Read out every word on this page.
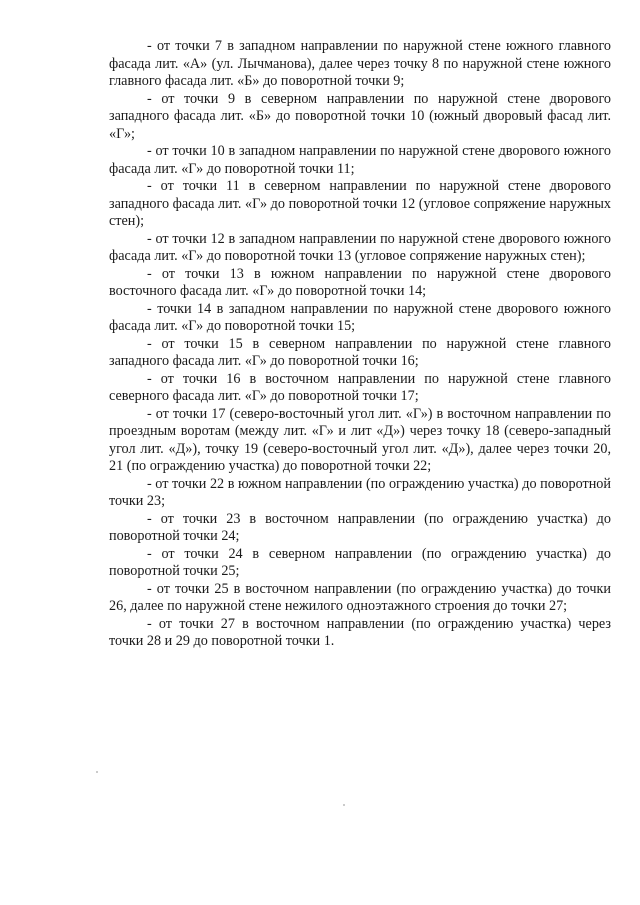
- от точки 7 в западном направлении по наружной стене южного главного фасада лит. «А» (ул. Лычманова), далее через точку 8 по наружной стене южного главного фасада лит. «Б» до поворотной точки 9;

- от точки 9 в северном направлении по наружной стене дворового западного фасада лит. «Б» до поворотной точки 10 (южный дворовый фасад лит. «Г»;

- от точки 10 в западном направлении по наружной стене дворового южного фасада лит. «Г» до поворотной точки 11;

- от точки 11 в северном направлении по наружной стене дворового западного фасада лит. «Г» до поворотной точки 12 (угловое сопряжение наружных стен);

- от точки 12 в западном направлении по наружной стене дворового южного фасада лит. «Г» до поворотной точки 13 (угловое сопряжение наружных стен);

- от точки 13 в южном направлении по наружной стене дворового восточного фасада лит. «Г» до поворотной точки 14;

- точки 14 в западном направлении по наружной стене дворового южного фасада лит. «Г» до поворотной точки 15;

- от точки 15 в северном направлении по наружной стене главного западного фасада лит. «Г» до поворотной точки 16;

- от точки 16 в восточном направлении по наружной стене главного северного фасада лит. «Г» до поворотной точки 17;

- от точки 17 (северо-восточный угол лит. «Г») в восточном направлении по проездным воротам (между лит. «Г» и лит «Д») через точку 18 (северо-западный угол лит. «Д»), точку 19 (северо-восточный угол лит. «Д»), далее через точки 20, 21 (по ограждению участка) до поворотной точки 22;

- от точки 22 в южном направлении (по ограждению участка) до поворотной точки 23;

- от точки 23 в восточном направлении (по ограждению участка) до поворотной точки 24;

- от точки 24 в северном направлении (по ограждению участка) до поворотной точки 25;

- от точки 25 в восточном направлении (по ограждению участка) до точки 26, далее по наружной стене нежилого одноэтажного строения до точки 27;

- от точки 27 в восточном направлении (по ограждению участка) через точки 28 и 29 до поворотной точки 1.
